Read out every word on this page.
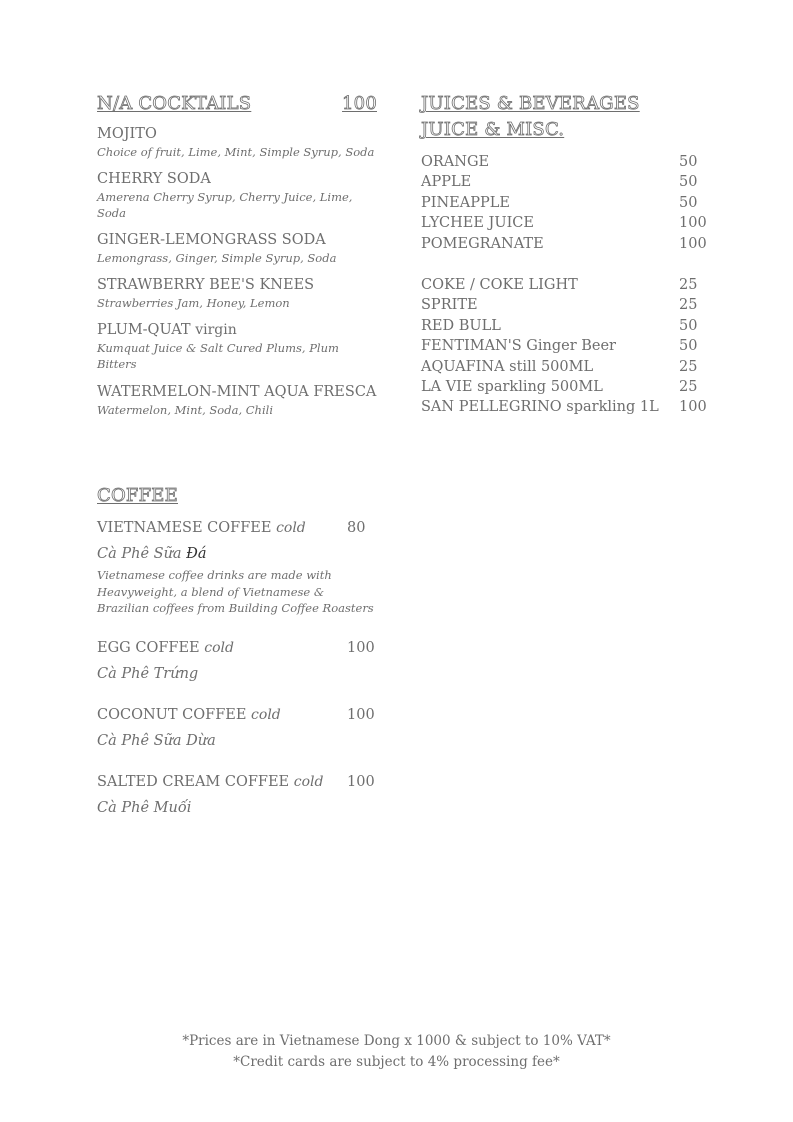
N/A COCKTAILS	100
MOJITO
Choice of fruit, Lime, Mint, Simple Syrup, Soda
CHERRY SODA
Amerena Cherry Syrup, Cherry Juice, Lime, Soda
GINGER-LEMONGRASS SODA
Lemongrass, Ginger, Simple Syrup, Soda
STRAWBERRY BEE'S KNEES
Strawberries Jam, Honey, Lemon
PLUM-QUAT virgin
Kumquat Juice & Salt Cured Plums, Plum Bitters
WATERMELON-MINT AQUA FRESCA
Watermelon, Mint, Soda, Chili
JUICES & BEVERAGES
JUICE & MISC.
ORANGE	50
APPLE	50
PINEAPPLE	50
LYCHEE JUICE	100
POMEGRANATE	100
COKE / COKE LIGHT	25
SPRITE	25
RED BULL	50
FENTIMAN'S Ginger Beer	50
AQUAFINA still 500ML	25
LA VIE sparkling 500ML	25
SAN PELLEGRINO sparkling 1L 100
COFFEE
VIETNAMESE COFFEE cold	80
Cà Phê Sữa Đá
Vietnamese coffee drinks are made with Heavyweight, a blend of Vietnamese & Brazilian coffees from Building Coffee Roasters
EGG COFFEE cold	100
Cà Phê Trứng
COCONUT COFFEE cold	100
Cà Phê Sữa Dừa
SALTED CREAM COFFEE cold 100
Cà Phê Muối
*Prices are in Vietnamese Dong x 1000 & subject to 10% VAT*
*Credit cards are subject to 4% processing fee*
